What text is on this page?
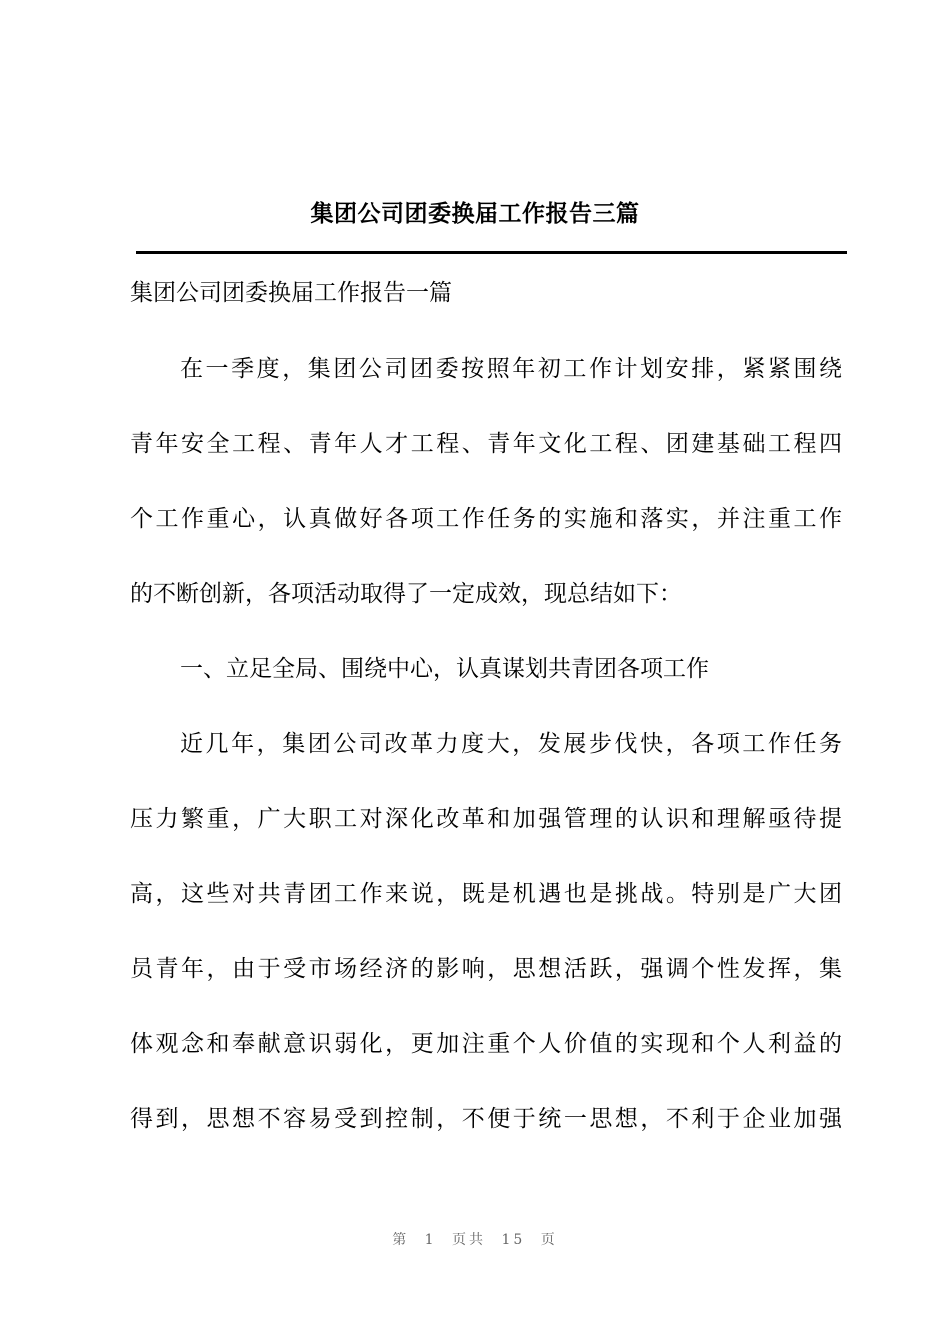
集团公司团委换届工作报告三篇
集团公司团委换届工作报告一篇
在一季度，集团公司团委按照年初工作计划安排，紧紧围绕
青年安全工程、青年人才工程、青年文化工程、团建基础工程四
个工作重心，认真做好各项工作任务的实施和落实，并注重工作
的不断创新，各项活动取得了一定成效，现总结如下：
一、立足全局、围绕中心，认真谋划共青团各项工作
近几年，集团公司改革力度大，发展步伐快，各项工作任务
压力繁重，广大职工对深化改革和加强管理的认识和理解亟待提
高，这些对共青团工作来说，既是机遇也是挑战。特别是广大团
员青年，由于受市场经济的影响，思想活跃，强调个性发挥，集
体观念和奉献意识弱化，更加注重个人价值的实现和个人利益的
得到，思想不容易受到控制，不便于统一思想，不利于企业加强
第 1 页共 15 页
